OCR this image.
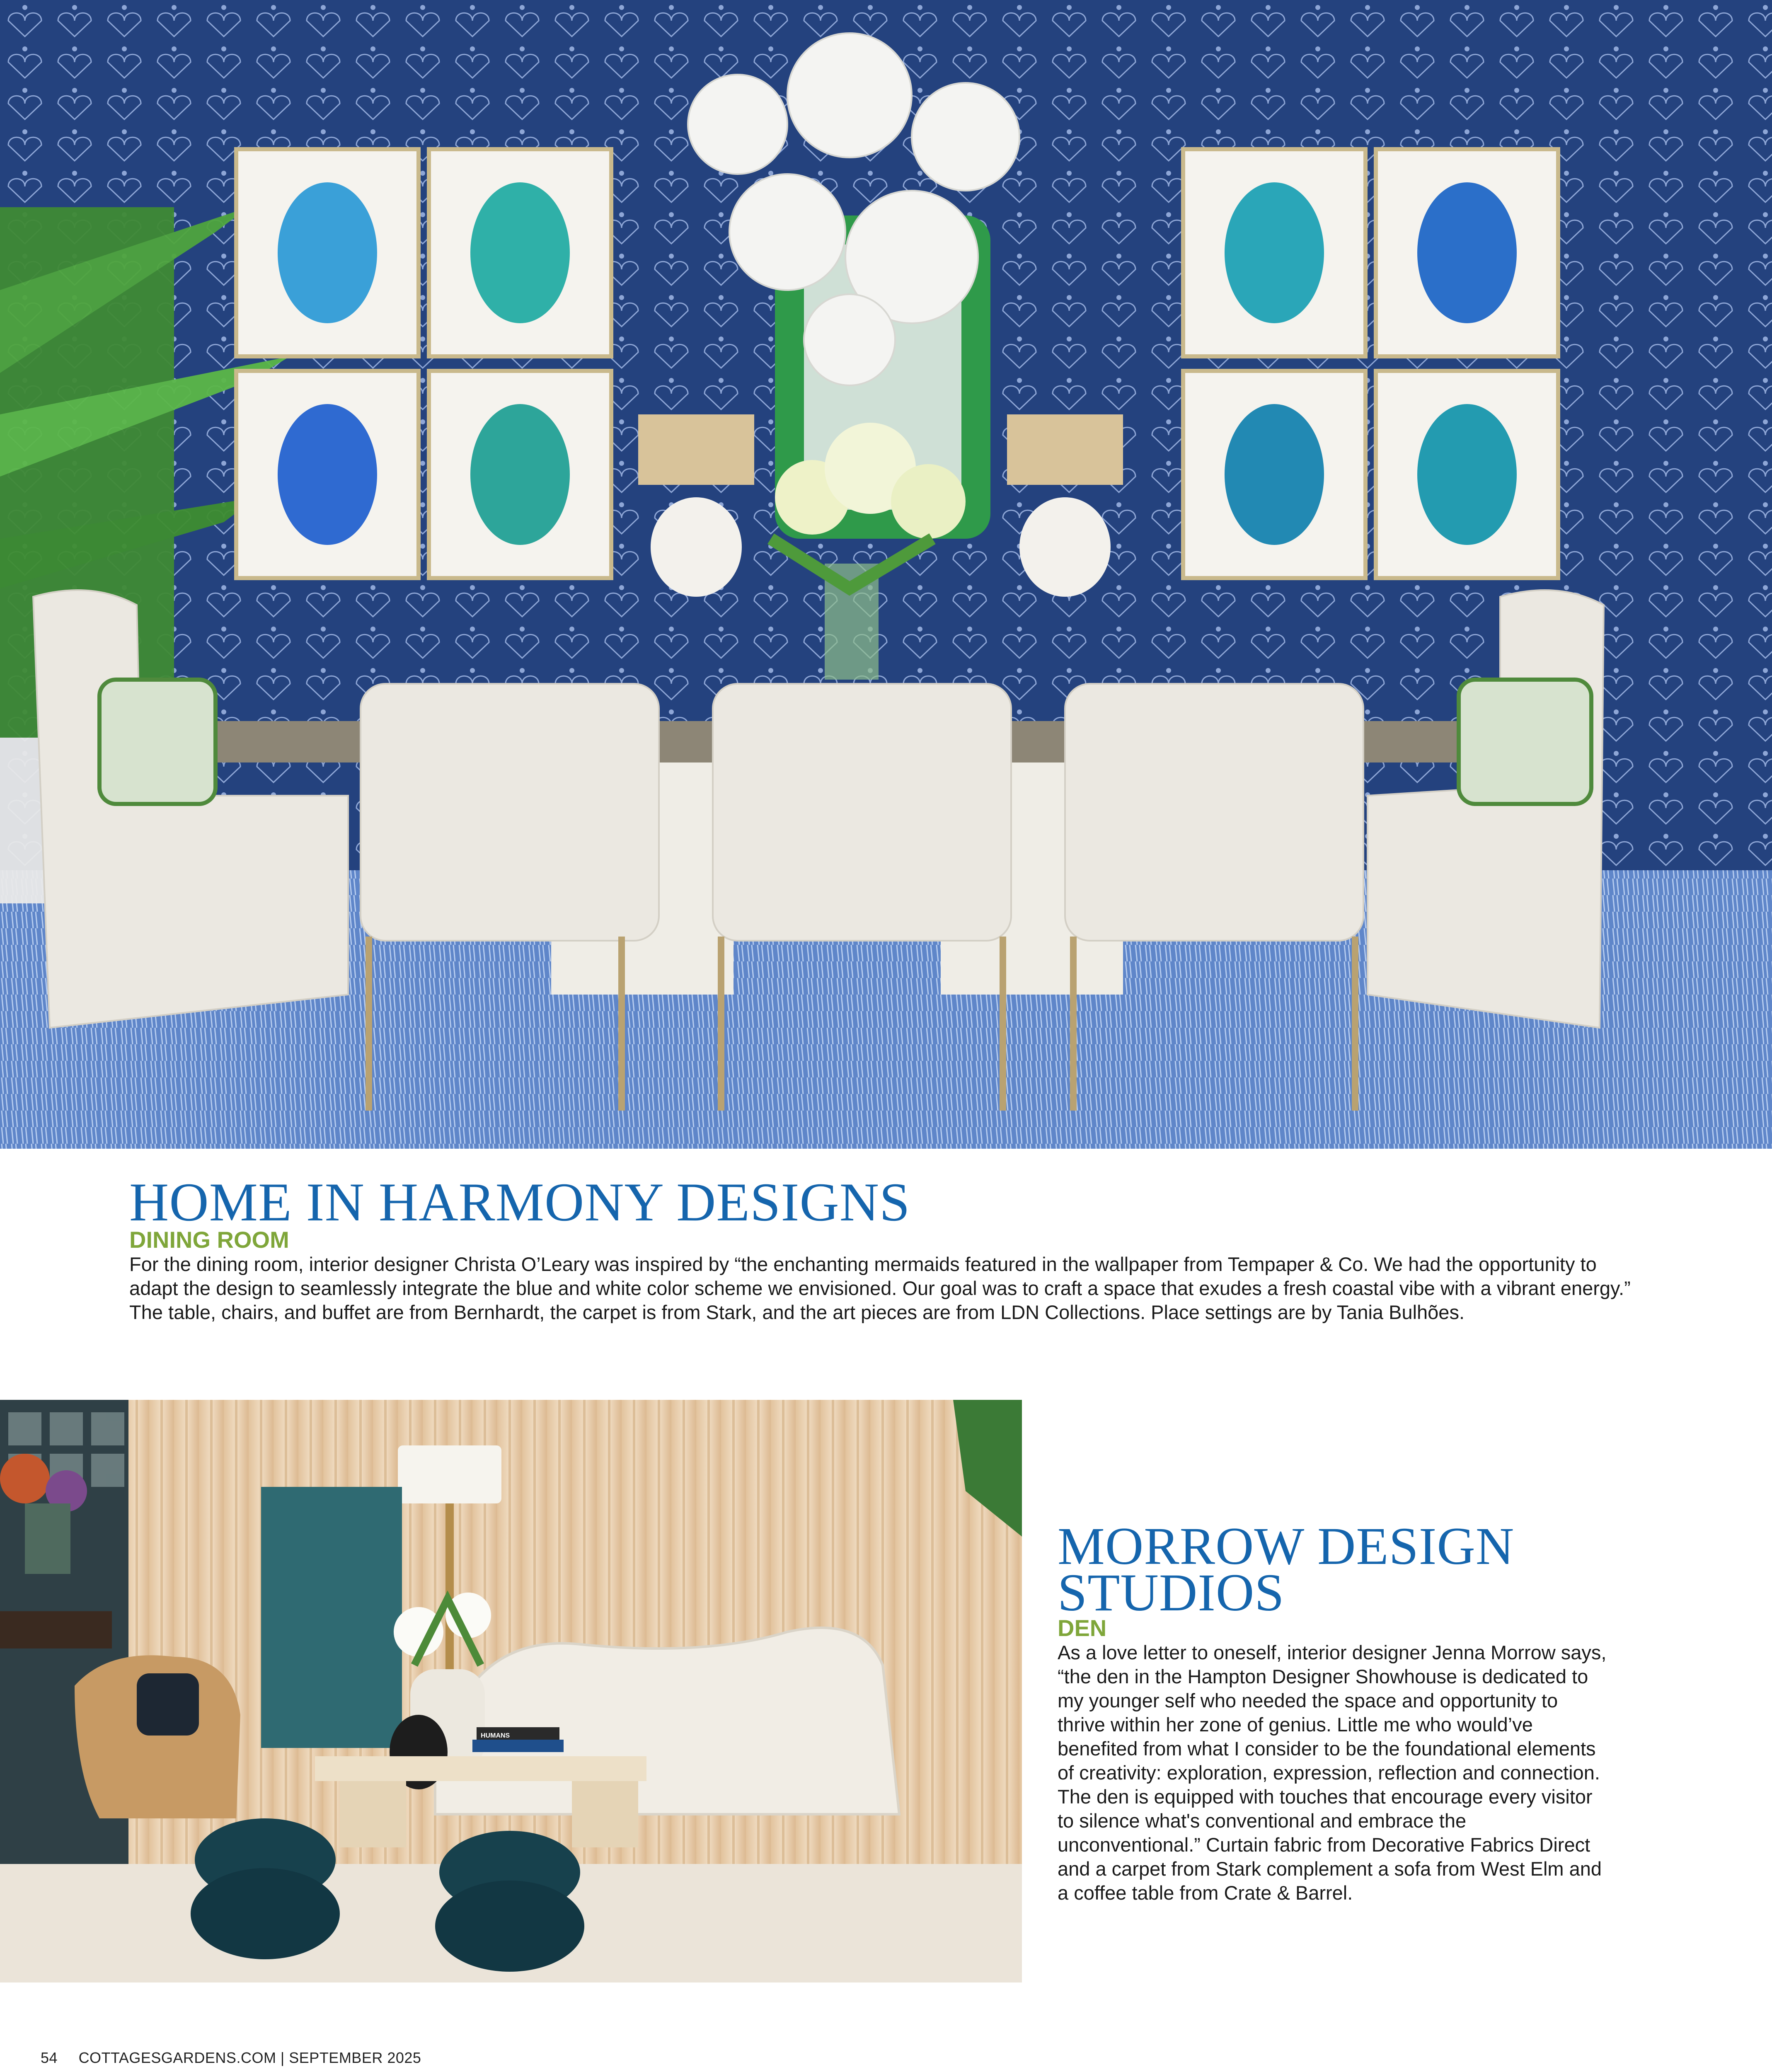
HOME IN HARMONY DESIGNS
DINING ROOM

For the dining room, interior designer Christa O’Leary was inspired by “the enchanting mermaids featured in the wallpaper from Tempaper & Co. We had the opportunity to adapt the design to seamlessly integrate the blue and white color scheme we envisioned. Our goal was to craft a space that exudes a fresh coastal vibe with a vibrant energy.” The table, chairs, and buffet are from Bernhardt, the carpet is from Stark, and the art pieces are from LDN Collections. Place settings are by Tania Bulhões.

HUMANS
MORROW DESIGN STUDIOS
DEN

As a love letter to oneself, interior designer Jenna Morrow says, “the den in the Hampton Designer Showhouse is dedicated to my younger self who needed the space and opportunity to thrive within her zone of genius. Little me who would’ve benefited from what I consider to be the foundational elements of creativity: exploration, expression, reflection and connection. The den is equipped with touches that encourage every visitor to silence what's conventional and embrace the unconventional.” Curtain fabric from Decorative Fabrics Direct and a carpet from Stark complement a sofa from West Elm and a coffee table from Crate & Barrel.

54 COTTAGESGARDENS.COM | SEPTEMBER 2025
